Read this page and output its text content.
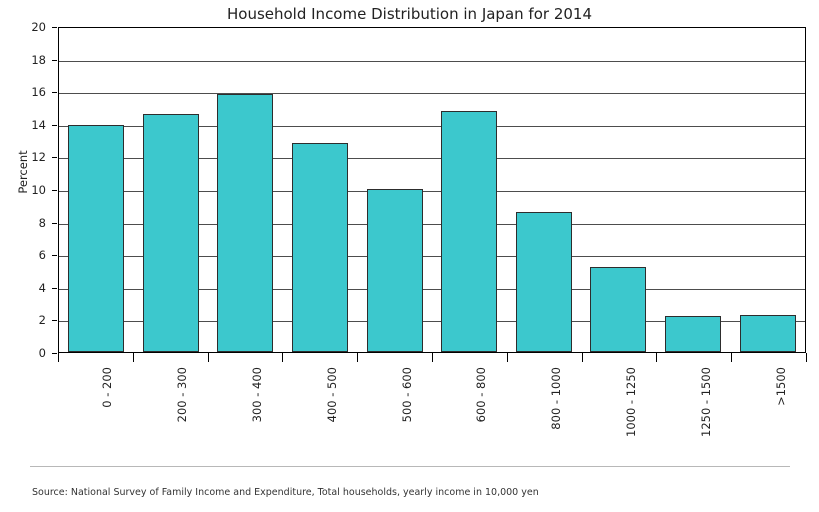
Household Income Distribution in Japan for 2014
Percent
0
2
4
6
8
10
12
14
16
18
20
0 - 200	200 - 300	300 - 400	400 - 500	500 - 600	600 - 800	800 - 1000	1000 - 1250	1250 - 1500	>1500
Source: National Survey of Family Income and Expenditure, Total households, yearly income in 10,000 yen
